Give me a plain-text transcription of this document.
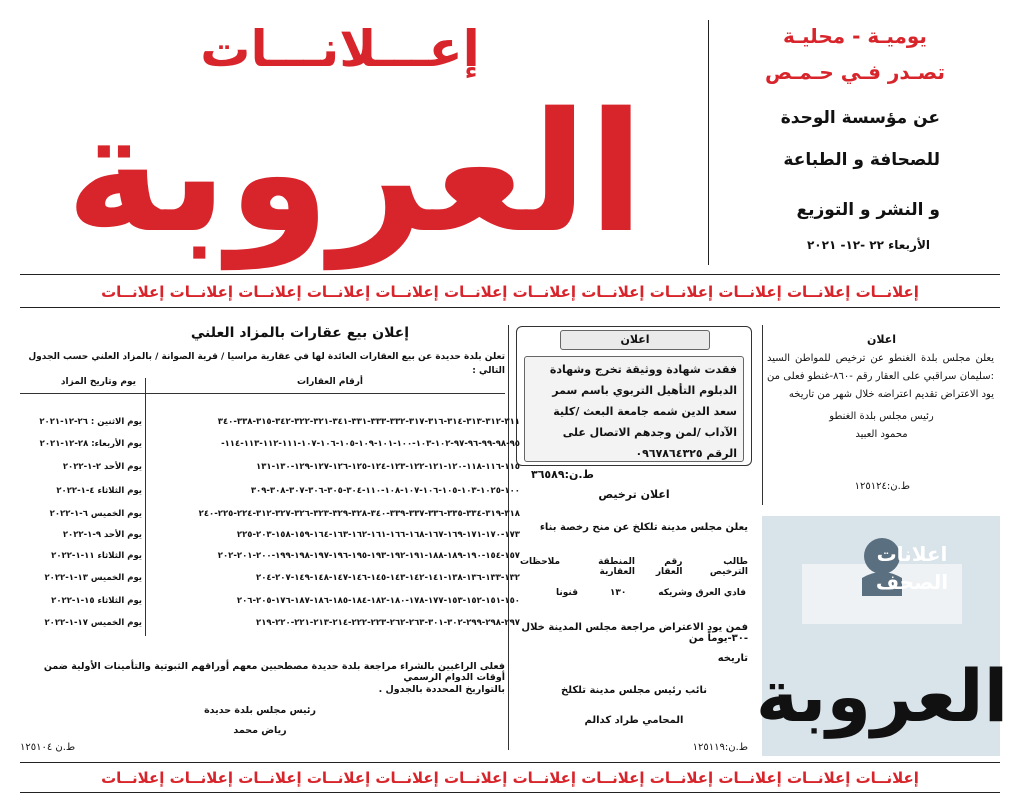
إعـــلانـــات
العروبة
يوميـة - محليـة
تصـدر فـي حـمـص
عن مؤسسة الوحدة
للصحافة و الطباعة
و النشر و التوزيع
الأربعاء ٢٢ -١٢- ٢٠٢١
إعلانــات إعلانــات إعلانــات إعلانــات إعلانــات إعلانــات إعلانــات إعلانــات إعلانــات إعلانــات إعلانــات إعلانــات
اعلان
يعلن مجلس بلدة الغنطو عن ترخيص للمواطن السيد :سليمان سراقبي على العقار رقم -٨٦٠-غنطو فعلى من يود الاعتراض تقديم اعتراضه خلال شهر من تاريخه
رئيس مجلس بلدة الغنطو
محمود العبيد
ط.ن:١٢٥١٢٤
اعلانات
الصحف
العروبة
اعلان
فقدت شهادة ووثيقة تخرج وشهادة الدبلوم التأهيل التربوي باسم سمر سعد الدين شمه جامعة البعث /كلية الآداب /لمن وجدهم الاتصال على الرقم ٠٩٦٧٨٦٤٣٢٥
ط.ن:٣٦٥٨٩
اعلان ترخيص
يعلن مجلس مدينة تلكلخ عن منح رخصة بناء
طالب الترخيص
رقم العقار
المنطقة العقارية
ملاحظات
فادي العرق وشريكه
١٣٠
قنونا
فمن يود الاعتراض مراجعة مجلس المدينة خلال -٣٠-يوماً من
تاريخه
نائب رئيس مجلس مدينة تلكلخ
المحامي طراد كدالم
ط.ن:١٢٥١١٩
إعلان بيع عقارات بالمزاد العلني
تعلن بلدة حديدة عن بيع العقارات العائدة لها في عقارية مراسيا / قرية الصوانة / بالمزاد العلني حسب الجدول التالي :
أرقام العقارات
يوم وتاريخ المزاد
٣١١-٣١٢-٣١٣-٣١٤-٣١٦-٣١٧-٣٣٢-٣٣٣-٣٣١-٣٤١-٣٢١-٣٢٢-٣٤٢-٣١٥-٣٣٨-٣٤٠
يوم الاثنين : ٢٦-١٢-٢٠٢١
٩٥-٩٨-٩٩-٩٦-٩٧-١٠٢-١٠٣-١٠٠-١٠١-١٠٩-١٠٥-١٠٦-١٠٧-١١١-١١٢-١١٣-١١٤-
يوم الأربعاء: ٢٨-١٢-٢٠٢١
١١٥-١١٦-١١٨-١٢٠-١٢١-١٢٢-١٢٣-١٢٤-١٢٥-١٢٦-١٢٧-١٢٩-١٣٠-١٣١
يوم الأحد ٢-١-٢٠٢٢
١٠٠-١٠٢٥-١٠٣-١٠٥-١٠٦-١٠٧-١٠٨-١١٠-٣٠٤-٣٠٥-٣٠٦-٣٠٧-٣٠٨-٣٠٩
يوم الثلاثاء ٤-١-٢٠٢٢
٣١٨-٣١٩-٣٣٤-٣٣٥-٣٣٦-٣٣٧-٣٣٩-٣٤٠-٣٢٨-٣٢٩-٣٢٣-٣٢٦-٣٢٧-٣١٢-٢٢٤-٢٢٥-٢٤٠
يوم الخميس ٦-١-٢٠٢٢
١٧٣-١٧٠-١٧١-١٦٩-١٦٧-١٦٨-١٦٦-١٦١-١٦٢-١٦٣-١٦٤-١٥٩-١٥٨-٢٠٣-٢٢٥
يوم الأحد ٩-١-٢٠٢٢
١٥٧-١٥٤-١٩٠-١٨٩-١٨٨-١٩١-١٩٢-١٩٣-١٩٥-١٩٦-١٩٧-١٩٨-١٩٩-٢٠٠-٢٠١-٢٠٢
يوم الثلاثاء ١١-١-٢٠٢٢
١٣٢-١٣٣-١٣٦-١٣٨-١٤١-١٤٢-١٤٣-١٤٥-١٤٦-١٤٧-١٤٨-١٤٩-٢٠٧-٢٠٤
يوم الخميس ١٣-١-٢٠٢٢
١٥٠-١٥١-١٥٢-١٥٣-١٧٧-١٧٨-١٨٠-١٨٢-١٨٤-١٨٥-١٨٦-١٨٧-١٧٦-٢٠٥-٢٠٦
يوم الثلاثاء ١٥-١-٢٠٢٢
٢٩٧-٢٩٨-٢٩٩-٣٠٢-٣٠١-٢٦٣-٢٦٢-٢٢٣-٢٢٢-٢١٤-٢١٣-٢٢١-٢٢٠-٢١٩
يوم الخميس ١٧-١-٢٠٢٢
فعلى الراغبين بالشراء مراجعة بلدة حديدة مصطحبين معهم أوراقهم الثبوتية والتأمينات الأولية ضمن أوقات الدوام الرسمي
بالتواريخ المحددة بالجدول .
رئيس مجلس بلدة حديدة
رياض محمد
ط.ن ١٢٥١٠٤
إعلانــات إعلانــات إعلانــات إعلانــات إعلانــات إعلانــات إعلانــات إعلانــات إعلانــات إعلانــات إعلانــات إعلانــات
